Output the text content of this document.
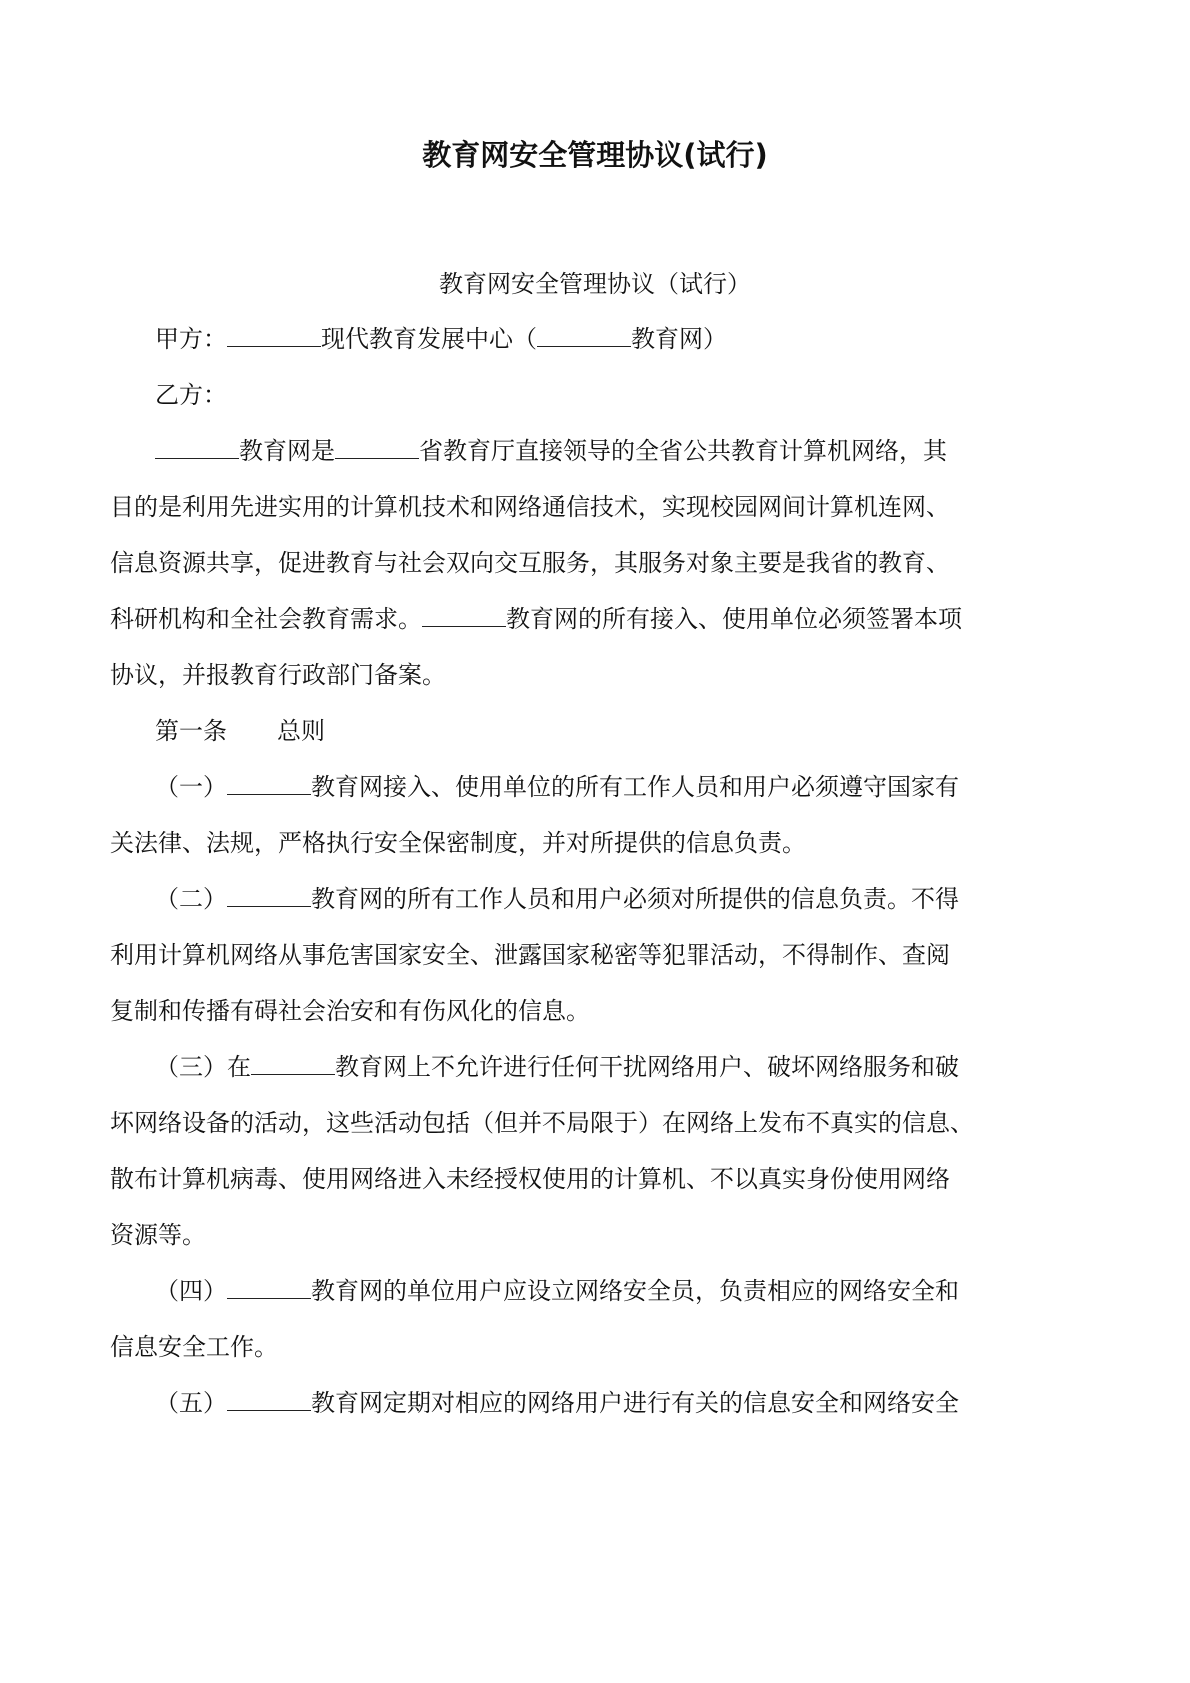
教育网安全管理协议(试行)
教育网安全管理协议（试行）
甲方：	现代教育发展中心（	教育网）
乙方：
教育网是	省教育厅直接领导的全省公共教育计算机网络，其
目的是利用先进实用的计算机技术和网络通信技术，实现校园网间计算机连网、
信息资源共享，促进教育与社会双向交互服务，其服务对象主要是我省的教育、
科研机构和全社会教育需求。	教育网的所有接入、使用单位必须签署本项
协议，并报教育行政部门备案。
第一条 总则
（一）	教育网接入、使用单位的所有工作人员和用户必须遵守国家有
关法律、法规，严格执行安全保密制度，并对所提供的信息负责。
（二）	教育网的所有工作人员和用户必须对所提供的信息负责。不得
利用计算机网络从事危害国家安全、泄露国家秘密等犯罪活动，不得制作、查阅
复制和传播有碍社会治安和有伤风化的信息。
（三）在	教育网上不允许进行任何干扰网络用户、破坏网络服务和破
坏网络设备的活动，这些活动包括（但并不局限于）在网络上发布不真实的信息、
散布计算机病毒、使用网络进入未经授权使用的计算机、不以真实身份使用网络
资源等。
（四）	教育网的单位用户应设立网络安全员，负责相应的网络安全和
信息安全工作。
（五）	教育网定期对相应的网络用户进行有关的信息安全和网络安全
